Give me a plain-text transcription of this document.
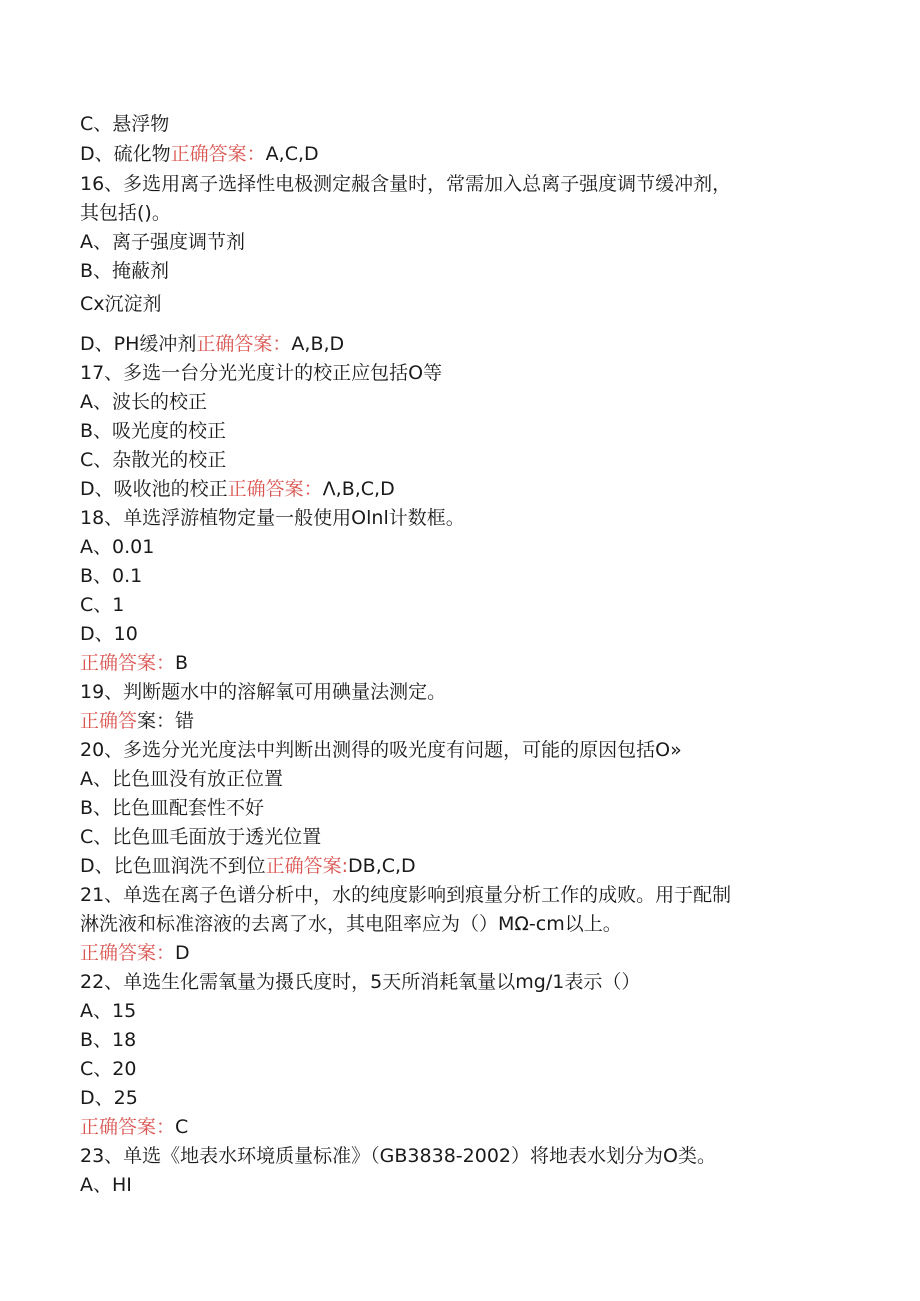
C、悬浮物
D、硫化物正确答案：A,C,D
16、多选用离子选择性电极测定赧含量时，常需加入总离子强度调节缓冲剂，
其包括()。
A、离子强度调节剂
B、掩蔽剂
Cx沉淀剂
D、PH缓冲剂正确答案：A,B,D
17、多选一台分光光度计的校正应包括O等
A、波长的校正
B、吸光度的校正
C、杂散光的校正
D、吸收池的校正正确答案：Λ,B,C,D
18、单选浮游植物定量一般使用Olnl计数框。
A、0.01
B、0.1
C、1
D、10
正确答案：B
19、判断题水中的溶解氧可用碘量法测定。
正确答案：错
20、多选分光光度法中判断出测得的吸光度有问题，可能的原因包括O»
A、比色皿没有放正位置
B、比色皿配套性不好
C、比色皿毛面放于透光位置
D、比色皿润洗不到位正确答案:DB,C,D
21、单选在离子色谱分析中，水的纯度影响到痕量分析工作的成败。用于配制
淋洗液和标准溶液的去离了水，其电阻率应为（）MΩ-cm以上。
正确答案：D
22、单选生化需氧量为摄氏度时，5天所消耗氧量以mg/1表示（）
A、15
B、18
C、20
D、25
正确答案：C
23、单选《地表水环境质量标准》（GB3838-2002）将地表水划分为O类。
A、HI
